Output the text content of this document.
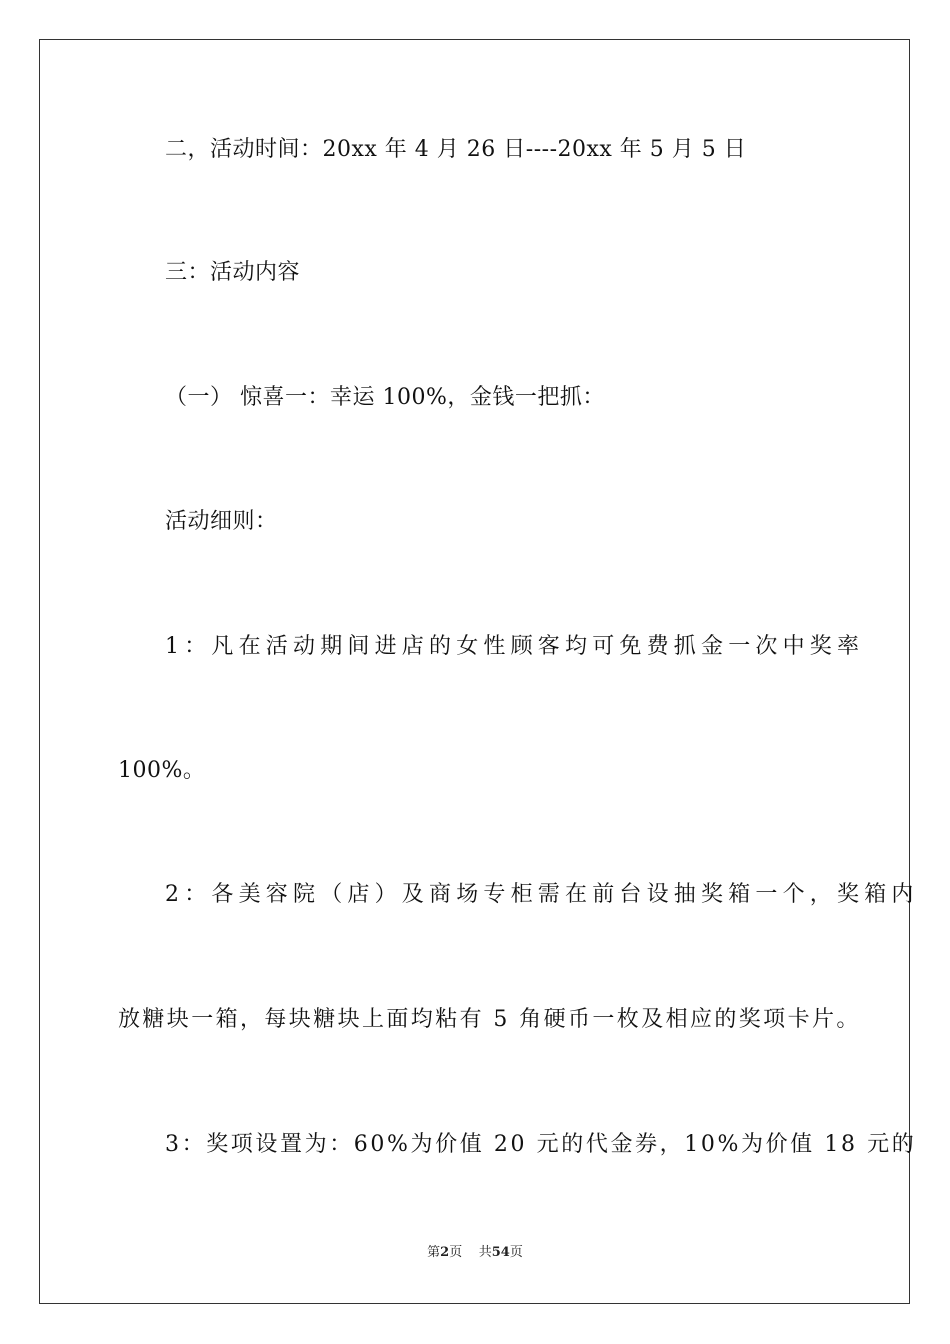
二，活动时间：20xx 年 4 月 26 日----20xx 年 5 月 5 日
三：活动内容
（一） 惊喜一：幸运 100%，金钱一把抓：
活动细则：
1：凡在活动期间进店的女性顾客均可免费抓金一次中奖率
100%。
2：各美容院（店）及商场专柜需在前台设抽奖箱一个，奖箱内
放糖块一箱，每块糖块上面均粘有 5 角硬币一枚及相应的奖项卡片。
3：奖项设置为：60%为价值 20 元的代金券，10%为价值 18 元的
第2页 共54页
